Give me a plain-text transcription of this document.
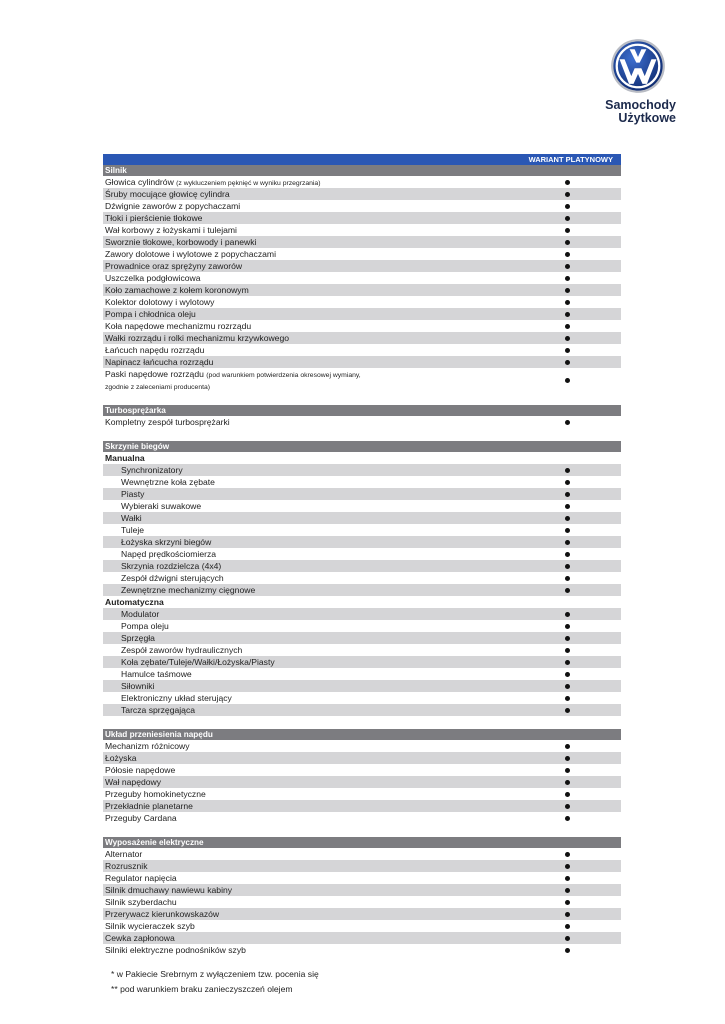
Samochody
Użytkowe
WARIANT PLATYNOWY
Silnik
Głowica cylindrów (z wykluczeniem pęknięć w wyniku przegrzania)
Śruby mocujące głowicę cylindra
Dźwignie zaworów z popychaczami
Tłoki i pierścienie tłokowe
Wał korbowy z łożyskami i tulejami
Sworznie tłokowe, korbowody i panewki
Zawory dolotowe i wylotowe z popychaczami
Prowadnice oraz sprężyny zaworów
Uszczelka podgłowicowa
Koło zamachowe z kołem koronowym
Kolektor dolotowy i wylotowy
Pompa i chłodnica oleju
Koła napędowe mechanizmu rozrządu
Wałki rozrządu i rolki mechanizmu krzywkowego
Łańcuch napędu rozrządu
Napinacz łańcucha rozrządu
Paski napędowe rozrządu (pod warunkiem potwierdzenia okresowej wymiany,
zgodnie z zaleceniami producenta)
Turbosprężarka
Kompletny zespół turbosprężarki
Skrzynie biegów
Manualna
Synchronizatory
Wewnętrzne koła zębate
Piasty
Wybieraki suwakowe
Wałki
Tuleje
Łożyska skrzyni biegów
Napęd prędkościomierza
Skrzynia rozdzielcza (4x4)
Zespół dźwigni sterujących
Zewnętrzne mechanizmy cięgnowe
Automatyczna
Modulator
Pompa oleju
Sprzęgła
Zespół zaworów hydraulicznych
Koła zębate/Tuleje/Wałki/Łożyska/Piasty
Hamulce taśmowe
Siłowniki
Elektroniczny układ sterujący
Tarcza sprzęgająca
Układ przeniesienia napędu
Mechanizm różnicowy
Łożyska
Półosie napędowe
Wał napędowy
Przeguby homokinetyczne
Przekładnie planetarne
Przeguby Cardana
Wyposażenie elektryczne
Alternator
Rozrusznik
Regulator napięcia
Silnik dmuchawy nawiewu kabiny
Silnik szyberdachu
Przerywacz kierunkowskazów
Silnik wycieraczek szyb
Cewka zapłonowa
Silniki elektryczne podnośników szyb
* w Pakiecie Srebrnym z wyłączeniem tzw. pocenia się
** pod warunkiem braku zanieczyszczeń olejem
